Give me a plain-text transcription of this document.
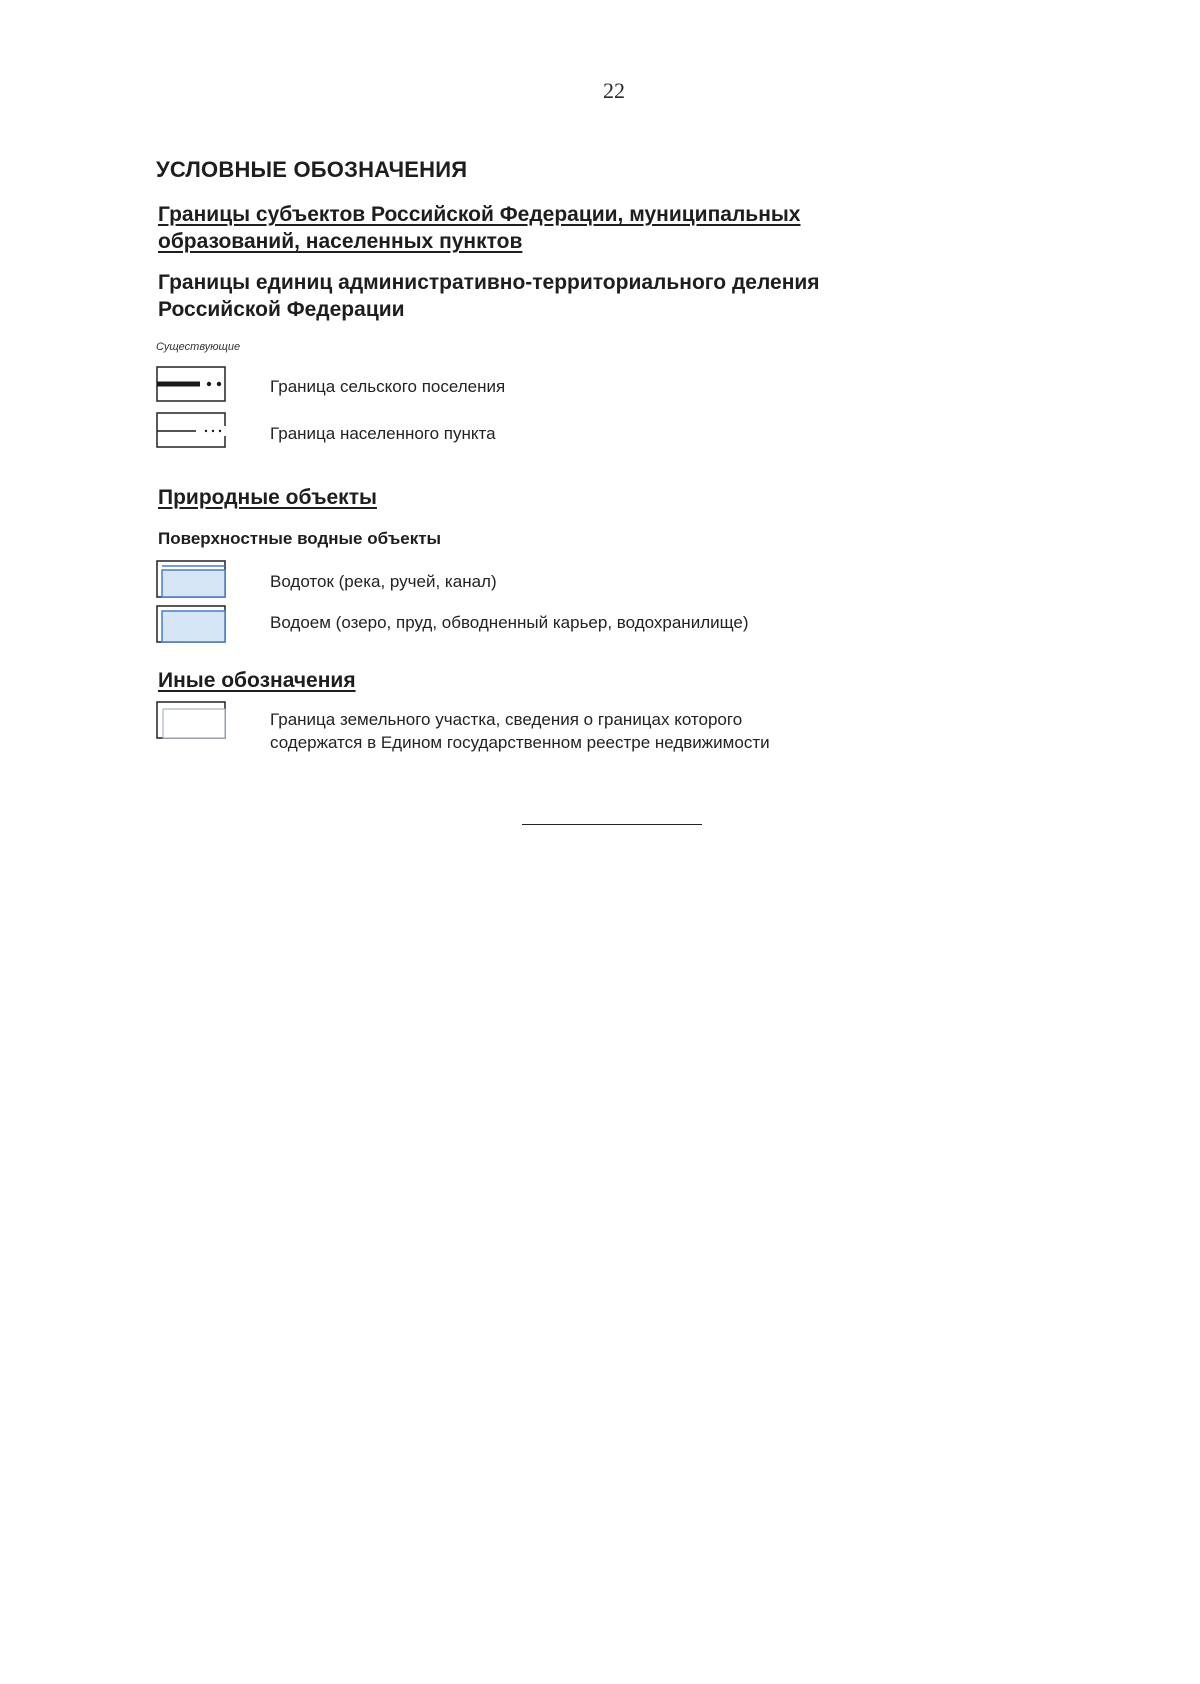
22
УСЛОВНЫЕ ОБОЗНАЧЕНИЯ
Границы субъектов Российской Федерации, муниципальных образований, населенных пунктов
Границы единиц административно-территориального деления
Российской Федерации
Существующие
Граница сельского поселения
Граница населенного пункта
Природные объекты
Поверхностные водные объекты
Водоток (река, ручей, канал)
Водоем (озеро, пруд, обводненный карьер, водохранилище)
Иные обозначения
Граница земельного участка, сведения о границах которого
содержатся в Едином государственном реестре недвижимости
